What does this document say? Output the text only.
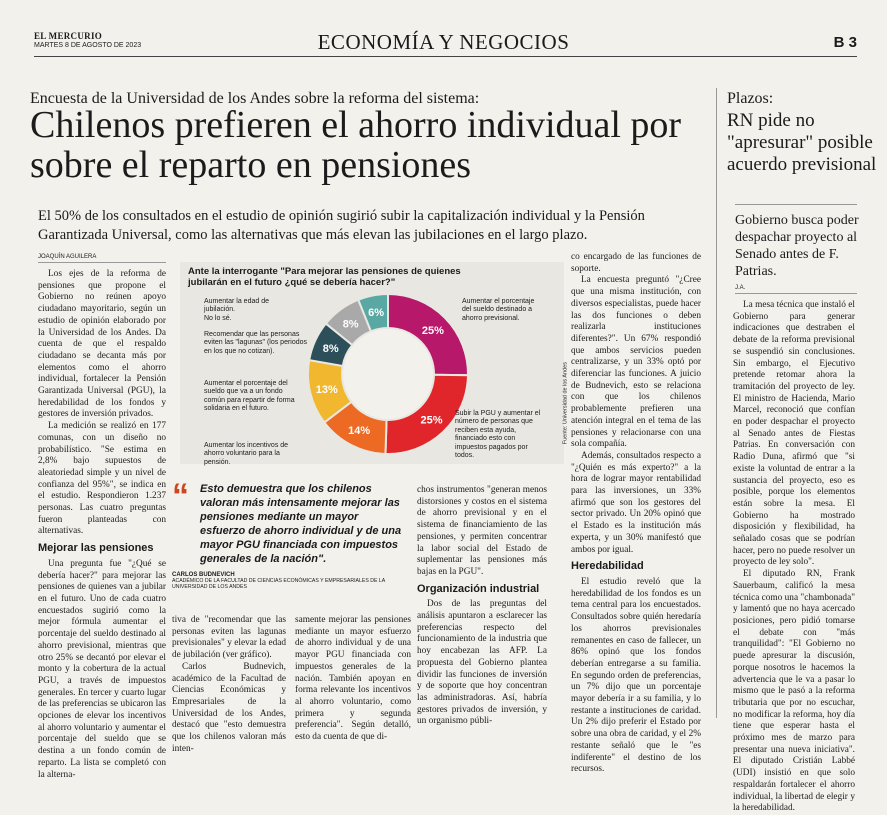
EL MERCURIO
MARTES 8 DE AGOSTO DE 2023	ECONOMÍA Y NEGOCIOS	B 3
Encuesta de la Universidad de los Andes sobre la reforma del sistema:
Chilenos prefieren el ahorro individual por sobre el reparto en pensiones
El 50% de los consultados en el estudio de opinión sugirió subir la capitalización individual y la Pensión Garantizada Universal, como las alternativas que más elevan las jubilaciones en el largo plazo.
JOAQUÍN AGUILERA

Los ejes de la reforma de pensiones que propone el Gobierno no reúnen apoyo ciudadano mayoritario, según un estudio de opinión elaborado por la Universidad de los Andes. Da cuenta de que el respaldo ciudadano se decanta más por elementos como el ahorro individual, fortalecer la Pensión Garantizada Universal (PGU), la heredabilidad de los fondos y gestores de inversión privados.

La medición se realizó en 177 comunas, con un diseño no probabilístico. "Se estima en 2,8% bajo supuestos de aleatoriedad simple y un nivel de confianza del 95%", se indica en el estudio. Respondieron 1.237 personas. Las cuatro preguntas fueron planteadas con alternativas.

Mejorar las pensiones

Una pregunta fue "¿Qué se debería hacer?" para mejorar las pensiones de quienes van a jubilar en el futuro. Uno de cada cuatro encuestados sugirió como la mejor fórmula aumentar el porcentaje del sueldo destinado al ahorro previsional, mientras que otro 25% se decantó por elevar el monto y la cobertura de la actual PGU, a través de impuestos generales. En tercer y cuarto lugar de las preferencias se ubicaron las opciones de elevar los incentivos al ahorro voluntario y aumentar el porcentaje del sueldo que se destina a un fondo común de reparto. La lista se completó con la alterna-

Ante la interrogante "Para mejorar las pensiones de quienes jubilarán en el futuro ¿qué se debería hacer?"
25%
25%
14%
13%
8%
8%
6%
Aumentar la edad de jubilación.
No lo sé.
Recomendar que las personas eviten las "lagunas" (los periodos en los que no cotizan).
Aumentar el porcentaje del sueldo que va a un fondo común para repartir de forma solidaria en el futuro.
Aumentar los incentivos de ahorro voluntario para la pensión.
Aumentar el porcentaje del sueldo destinado a ahorro previsional.
Subir la PGU y aumentar el número de personas que reciben esta ayuda, financiado esto con impuestos pagados por todos.
Fuente: Universidad de los Andes
“ Esto demuestra que los chilenos valoran más intensamente mejorar las pensiones mediante un mayor esfuerzo de ahorro individual y de una mayor PGU financiada con impuestos generales de la nación".
CARLOS BUDNEVICH
ACADÉMICO DE LA FACULTAD DE CIENCIAS ECONÓMICAS Y EMPRESARIALES DE LA UNIVERSIDAD DE LOS ANDES

tiva de "recomendar que las personas eviten las lagunas previsionales" y elevar la edad de jubilación (ver gráfico).

Carlos Budnevich, académico de la Facultad de Ciencias Económicas y Empresariales de la Universidad de los Andes, destacó que "esto demuestra que los chilenos valoran más inten-

samente mejorar las pensiones mediante un mayor esfuerzo de ahorro individual y de una mayor PGU financiada con impuestos generales de la nación. También apoyan en forma relevante los incentivos al ahorro voluntario, como primera y segunda preferencia". Según detalló, esto da cuenta de que di-

chos instrumentos "generan menos distorsiones y costos en el sistema de ahorro previsional y en el sistema de financiamiento de las pensiones, y permiten concentrar la labor social del Estado de suplementar las pensiones más bajas en la PGU".

Organización industrial

Dos de las preguntas del análisis apuntaron a esclarecer las preferencias respecto del funcionamiento de la industria que hoy encabezan las AFP. La propuesta del Gobierno plantea dividir las funciones de inversión y de soporte que hoy concentran las administradoras. Así, habría gestores privados de inversión, y un organismo públi-

co encargado de las funciones de soporte.

La encuesta preguntó "¿Cree que una misma institución, con diversos especialistas, puede hacer las dos funciones o deben realizarla instituciones diferentes?". Un 67% respondió que ambos servicios pueden centralizarse, y un 33% optó por diferenciar las funciones. A juicio de Budnevich, esto se relaciona con que los chilenos probablemente prefieren una atención integral en el tema de las pensiones y relacionarse con una sola compañía.

Además, consultados respecto a "¿Quién es más experto?" a la hora de lograr mayor rentabilidad para las inversiones, un 33% afirmó que son los gestores del sector privado. Un 20% opinó que el Estado es la institución más experta, y un 30% manifestó que ambos por igual.

Heredabilidad

El estudio reveló que la heredabilidad de los fondos es un tema central para los encuestados. Consultados sobre quién heredaría los ahorros previsionales remanentes en caso de fallecer, un 86% opinó que los fondos deberían entregarse a su familia. En segundo orden de preferencias, un 7% dijo que un porcentaje mayor debería ir a su familia, y lo restante a instituciones de caridad. Un 2% dijo preferir el Estado por sobre una obra de caridad, y el 2% restante señaló que le "es indiferente" el destino de los recursos.

Plazos:
RN pide no "apresurar" posible acuerdo previsional
Gobierno busca poder despachar proyecto al Senado antes de F. Patrias.
J.A.

La mesa técnica que instaló el Gobierno para generar indicaciones que destraben el debate de la reforma previsional se suspendió sin conclusiones. Sin embargo, el Ejecutivo pretende retomar ahora la tramitación del proyecto de ley. El ministro de Hacienda, Mario Marcel, reconoció que confían en poder despachar el proyecto al Senado antes de Fiestas Patrias. En conversación con Radio Duna, afirmó que "si existe la voluntad de entrar a la sustancia del proyecto, eso es posible, porque los elementos están sobre la mesa. El Gobierno ha mostrado disposición y flexibilidad, ha señalado cosas que se podrían hacer, pero no puede resolver un proyecto de ley solo".

El diputado RN, Frank Sauerbaum, calificó la mesa técnica como una "chambonada" y lamentó que no haya acercado posiciones, pero pidió tomarse el debate con "más tranquilidad": "El Gobierno no puede apresurar la discusión, porque nosotros le hacemos la advertencia que le va a pasar lo mismo que le pasó a la reforma tributaria que por no escuchar, no modificar la reforma, hoy día tiene que esperar hasta el próximo mes de marzo para presentar una nueva iniciativa". El diputado Cristián Labbé (UDI) insistió en que solo respaldarán fortalecer el ahorro individual, la libertad de elegir y la heredabilidad.
